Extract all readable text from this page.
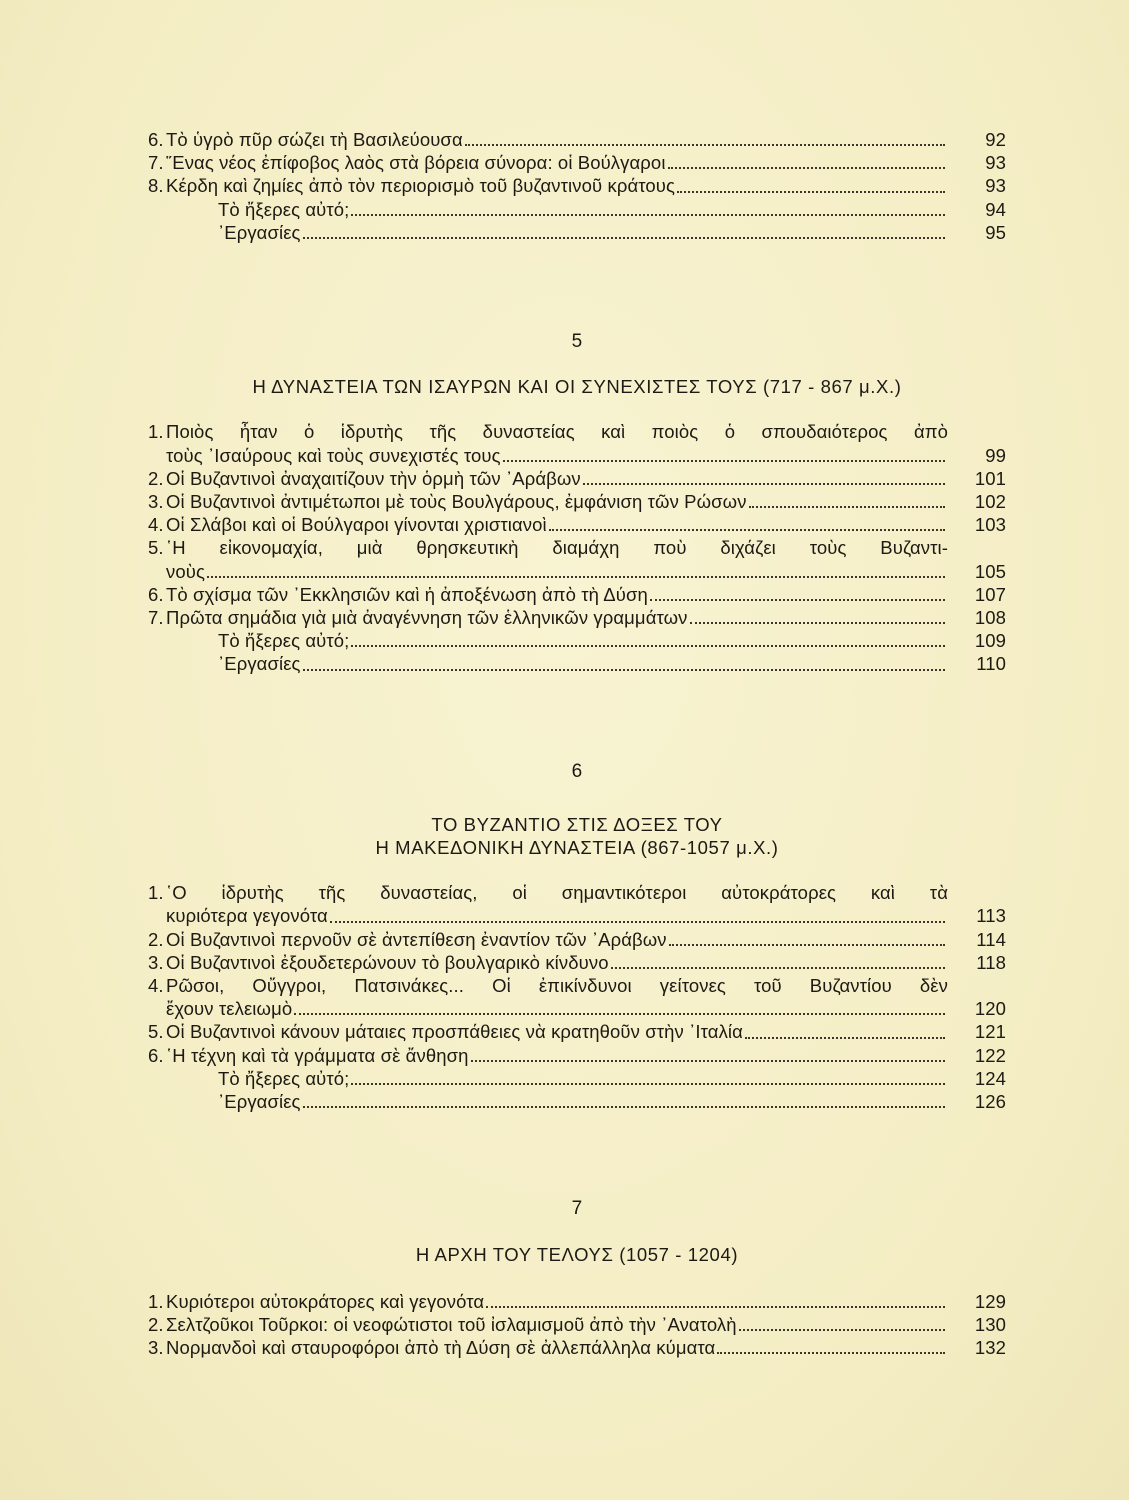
6. Τὸ ὑγρὸ πῦρ σώζει τὴ Βασιλεύουσα	92
7. ῞Ενας νέος ἐπίφοβος λαὸς στὰ βόρεια σύνορα: οἱ Βούλγαροι	93
8. Κέρδη καὶ ζημίες ἀπὸ τὸν περιορισμὸ τοῦ βυζαντινοῦ κράτους	93
Τὸ ἤξερες αὐτό;	94
᾿Εργασίες	95
5
Η ΔΥΝΑΣΤΕΙΑ ΤΩΝ ΙΣΑΥΡΩΝ ΚΑΙ ΟΙ ΣΥΝΕΧΙΣΤΕΣ ΤΟΥΣ (717 - 867 μ.Χ.)
1. Ποιὸς ἦταν ὁ ἱδρυτὴς τῆς δυναστείας καὶ ποιὸς ὁ σπουδαιότερος ἀπὸ
τοὺς ᾿Ισαύρους καὶ τοὺς συνεχιστές τους	99
2. Οἱ Βυζαντινοὶ ἀναχαιτίζουν τὴν ὁρμὴ τῶν ᾿Αράβων	101
3. Οἱ Βυζαντινοὶ ἀντιμέτωποι μὲ τοὺς Βουλγάρους, ἐμφάνιση τῶν Ρώσων	102
4. Οἱ Σλάβοι καὶ οἱ Βούλγαροι γίνονται χριστιανοὶ	103
5. ῾Η εἰκονομαχία, μιὰ θρησκευτικὴ διαμάχη ποὺ διχάζει τοὺς Βυζαντι-
νοὺς	105
6. Τὸ σχίσμα τῶν ᾿Εκκλησιῶν καὶ ἡ ἀποξένωση ἀπὸ τὴ Δύση	107
7. Πρῶτα σημάδια γιὰ μιὰ ἀναγέννηση τῶν ἑλληνικῶν γραμμάτων	108
Τὸ ἤξερες αὐτό;	109
᾿Εργασίες	110
6
ΤΟ ΒΥΖΑΝΤΙΟ ΣΤΙΣ ΔΟΞΕΣ ΤΟΥ
Η ΜΑΚΕΔΟΝΙΚΗ ΔΥΝΑΣΤΕΙΑ (867-1057 μ.Χ.)
1. ῾Ο ἱδρυτὴς τῆς δυναστείας, οἱ σημαντικότεροι αὐτοκράτορες καὶ τὰ
κυριότερα γεγονότα	113
2. Οἱ Βυζαντινοὶ περνοῦν σὲ ἀντεπίθεση ἐναντίον τῶν ᾿Αράβων	114
3. Οἱ Βυζαντινοὶ ἐξουδετερώνουν τὸ βουλγαρικὸ κίνδυνο	118
4. Ρῶσοι, Οὔγγροι, Πατσινάκες... Οἱ ἐπικίνδυνοι γείτονες τοῦ Βυζαντίου δὲν
ἔχουν τελειωμὸ	120
5. Οἱ Βυζαντινοὶ κάνουν μάταιες προσπάθειες νὰ κρατηθοῦν στὴν ᾿Ιταλία	121
6. ῾Η τέχνη καὶ τὰ γράμματα σὲ ἄνθηση	122
Τὸ ἤξερες αὐτό;	124
᾿Εργασίες	126
7
Η ΑΡΧΗ ΤΟΥ ΤΕΛΟΥΣ (1057 - 1204)
1. Κυριότεροι αὐτοκράτορες καὶ γεγονότα	129
2. Σελτζοῦκοι Τοῦρκοι: οἱ νεοφώτιστοι τοῦ ἰσλαμισμοῦ ἀπὸ τὴν ᾿Ανατολὴ	130
3. Νορμανδοὶ καὶ σταυροφόροι ἀπὸ τὴ Δύση σὲ ἀλλεπάλληλα κύματα	132
